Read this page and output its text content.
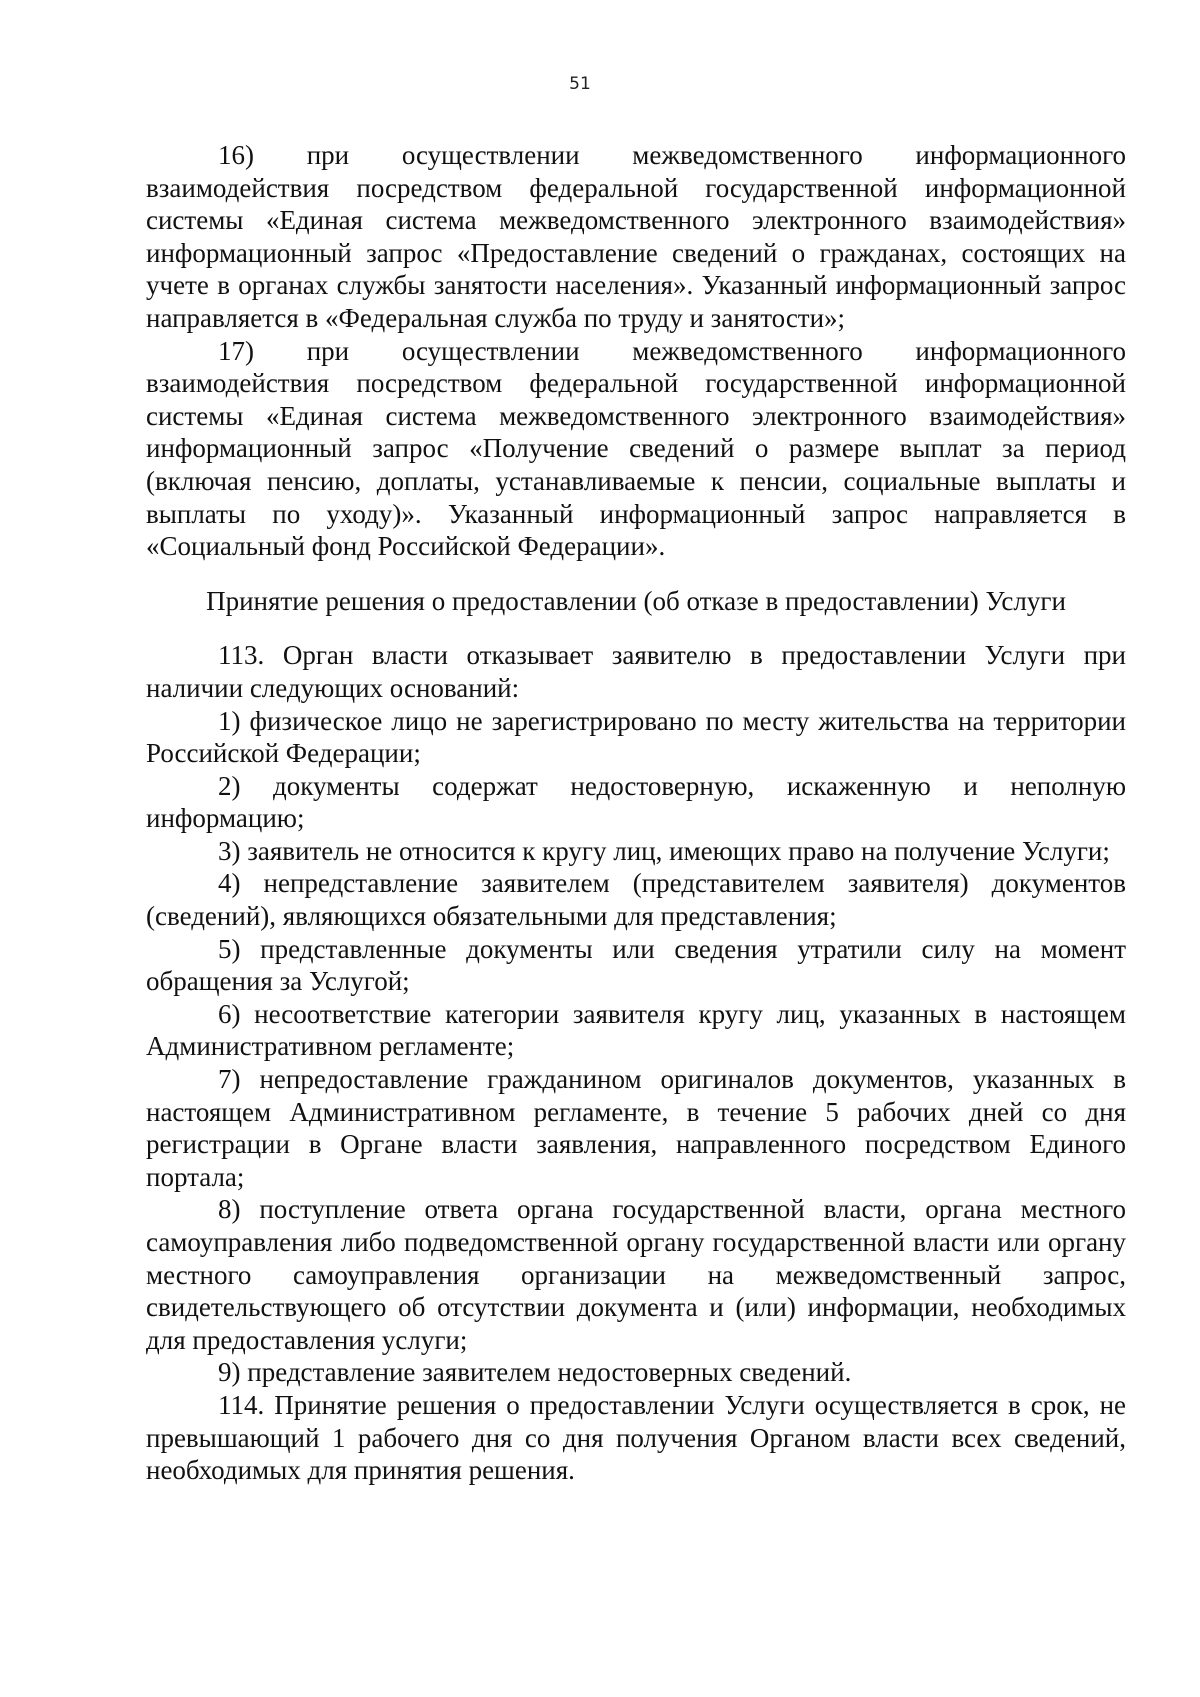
51

16) при осуществлении межведомственного информационного взаимодействия посредством федеральной государственной информационной системы «Единая система межведомственного электронного взаимодействия» информационный запрос «Предоставление сведений о гражданах, состоящих на учете в органах службы занятости населения». Указанный информационный запрос направляется в «Федеральная служба по труду и занятости»;

17) при осуществлении межведомственного информационного взаимодействия посредством федеральной государственной информационной системы «Единая система межведомственного электронного взаимодействия» информационный запрос «Получение сведений о размере выплат за период (включая пенсию, доплаты, устанавливаемые к пенсии, социальные выплаты и выплаты по уходу)». Указанный информационный запрос направляется в «Социальный фонд Российской Федерации».

Принятие решения о предоставлении (об отказе в предоставлении) Услуги

113. Орган власти отказывает заявителю в предоставлении Услуги при наличии следующих оснований:

1) физическое лицо не зарегистрировано по месту жительства на территории Российской Федерации;

2) документы содержат недостоверную, искаженную и неполную информацию;

3) заявитель не относится к кругу лиц, имеющих право на получение Услуги;

4) непредставление заявителем (представителем заявителя) документов (сведений), являющихся обязательными для представления;

5) представленные документы или сведения утратили силу на момент обращения за Услугой;

6) несоответствие категории заявителя кругу лиц, указанных в настоящем Административном регламенте;

7) непредоставление гражданином оригиналов документов, указанных в настоящем Административном регламенте, в течение 5 рабочих дней со дня регистрации в Органе власти заявления, направленного посредством Единого портала;

8) поступление ответа органа государственной власти, органа местного самоуправления либо подведомственной органу государственной власти или органу местного самоуправления организации на межведомственный запрос, свидетельствующего об отсутствии документа и (или) информации, необходимых для предоставления услуги;

9) представление заявителем недостоверных сведений.

114. Принятие решения о предоставлении Услуги осуществляется в срок, не превышающий 1 рабочего дня со дня получения Органом власти всех сведений, необходимых для принятия решения.
